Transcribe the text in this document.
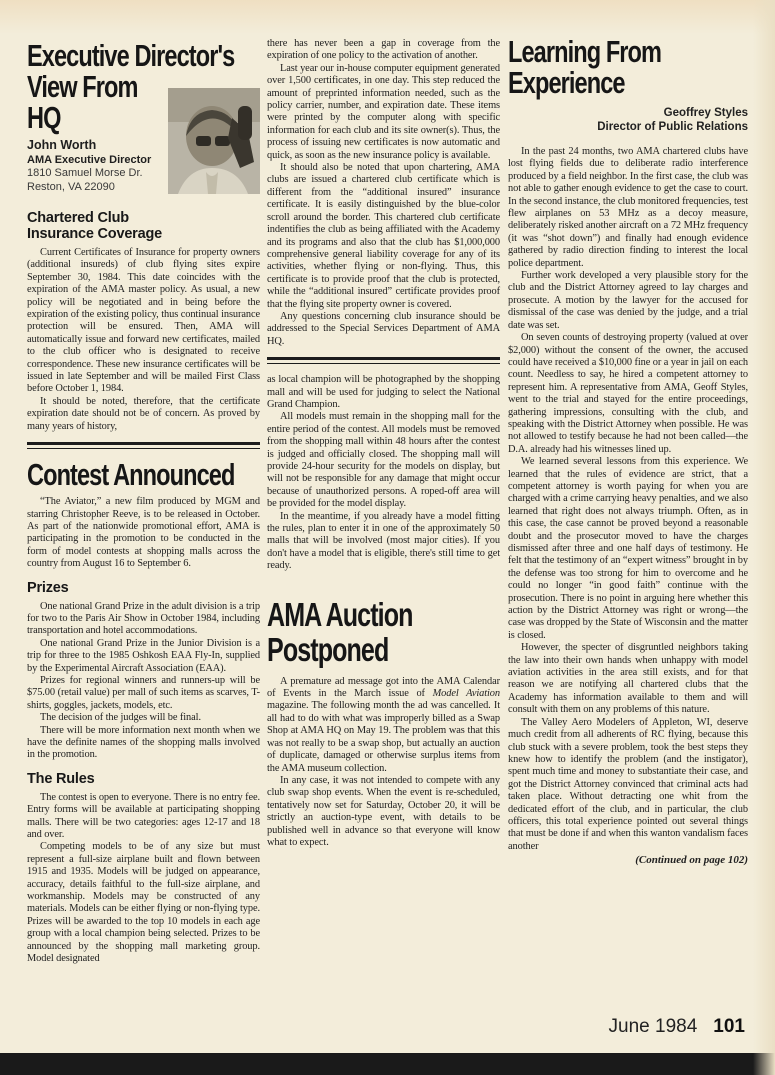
Executive Director's
View From
HQ
John Worth
AMA Executive Director
1810 Samuel Morse Dr.
Reston, VA 22090
Chartered Club
Insurance Coverage

Current Certificates of Insurance for property owners (additional insureds) of club flying sites expire September 30, 1984. This date coincides with the expiration of the AMA master policy. As usual, a new policy will be negotiated and in being before the expiration of the existing policy, thus continual insurance protection will be ensured. Then, AMA will automatically issue and forward new certificates, mailed to the club officer who is designated to receive correspondence. These new insurance certificates will be issued in late September and will be mailed First Class before October 1, 1984.

It should be noted, therefore, that the certificate expiration date should not be of concern. As proved by many years of history,

Contest Announced

“The Aviator,” a new film produced by MGM and starring Christopher Reeve, is to be released in October. As part of the nationwide promotional effort, AMA is participating in the promotion to be conducted in the form of model contests at shopping malls across the country from August 16 to September 6.

Prizes

One national Grand Prize in the adult division is a trip for two to the Paris Air Show in October 1984, including transportation and hotel accommodations.

One national Grand Prize in the Junior Division is a trip for three to the 1985 Oshkosh EAA Fly-In, supplied by the Experimental Aircraft Association (EAA).

Prizes for regional winners and runners-up will be $75.00 (retail value) per mall of such items as scarves, T-shirts, goggles, jackets, models, etc.

The decision of the judges will be final.

There will be more information next month when we have the definite names of the shopping malls involved in the promotion.

The Rules

The contest is open to everyone. There is no entry fee. Entry forms will be available at participating shopping malls. There will be two categories: ages 12-17 and 18 and over.

Competing models to be of any size but must represent a full-size airplane built and flown between 1915 and 1935. Models will be judged on appearance, accuracy, details faithful to the full-size airplane, and workmanship. Models may be constructed of any materials. Models can be either flying or non-flying type. Prizes will be awarded to the top 10 models in each age group with a local champion being selected. Prizes to be announced by the shopping mall marketing group. Model designated

there has never been a gap in coverage from the expiration of one policy to the activation of another.

Last year our in-house computer equipment generated over 1,500 certificates, in one day. This step reduced the amount of preprinted information needed, such as the policy carrier, number, and expiration date. These items were printed by the computer along with specific information for each club and its site owner(s). Thus, the process of issuing new certificates is now automatic and quick, as soon as the new insurance policy is available.

It should also be noted that upon chartering, AMA clubs are issued a chartered club certificate which is different from the “additional insured” insurance certificate. It is easily distinguished by the blue-color scroll around the border. This chartered club certificate indentifies the club as being affiliated with the Academy and its programs and also that the club has $1,000,000 comprehensive general liability coverage for any of its activities, whether flying or non-flying. Thus, this certificate is to provide proof that the club is protected, while the “additional insured” certificate provides proof that the flying site property owner is covered.

Any questions concerning club insurance should be addressed to the Special Services Department of AMA HQ.

as local champion will be photographed by the shopping mall and will be used for judging to select the National Grand Champion.

All models must remain in the shopping mall for the entire period of the contest. All models must be removed from the shopping mall within 48 hours after the contest is judged and officially closed. The shopping mall will provide 24-hour security for the models on display, but will not be responsible for any damage that might occur because of unauthorized persons. A roped-off area will be provided for the model display.

In the meantime, if you already have a model fitting the rules, plan to enter it in one of the approximately 50 malls that will be involved (most major cities). If you don't have a model that is eligible, there's still time to get ready.

AMA Auction
Postponed

A premature ad message got into the AMA Calendar of Events in the March issue of Model Aviation magazine. The following month the ad was cancelled. It all had to do with what was improperly billed as a Swap Shop at AMA HQ on May 19. The problem was that this was not really to be a swap shop, but actually an auction of duplicate, damaged or otherwise surplus items from the AMA museum collection.

In any case, it was not intended to compete with any club swap shop events. When the event is re-scheduled, tentatively now set for Saturday, October 20, it will be strictly an auction-type event, with details to be published well in advance so that everyone will know what to expect.

Learning From
Experience
Geoffrey Styles
Director of Public Relations

In the past 24 months, two AMA chartered clubs have lost flying fields due to deliberate radio interference produced by a field neighbor. In the first case, the club was not able to gather enough evidence to get the case to court. In the second instance, the club monitored frequencies, test flew airplanes on 53 MHz as a decoy measure, deliberately risked another aircraft on a 72 MHz frequency (it was “shot down”) and finally had enough evidence gathered by radio direction finding to interest the local police department.

Further work developed a very plausible story for the club and the District Attorney agreed to lay charges and prosecute. A motion by the lawyer for the accused for dismissal of the case was denied by the judge, and a trial date was set.

On seven counts of destroying property (valued at over $2,000) without the consent of the owner, the accused could have received a $10,000 fine or a year in jail on each count. Needless to say, he hired a competent attorney to represent him. A representative from AMA, Geoff Styles, went to the trial and stayed for the entire proceedings, gathering impressions, consulting with the club, and speaking with the District Attorney when possible. He was not allowed to testify because he had not been called—the D.A. already had his witnesses lined up.

We learned several lessons from this experience. We learned that the rules of evidence are strict, that a competent attorney is worth paying for when you are charged with a crime carrying heavy penalties, and we also learned that right does not always triumph. Often, as in this case, the case cannot be proved beyond a reasonable doubt and the prosecutor moved to have the charges dismissed after three and one half days of testimony. He felt that the testimony of an “expert witness” brought in by the defense was too strong for him to overcome and he could no longer “in good faith” continue with the prosecution. There is no point in arguing here whether this action by the District Attorney was right or wrong—the case was dropped by the State of Wisconsin and the matter is closed.

However, the specter of disgruntled neighbors taking the law into their own hands when unhappy with model aviation activities in the area still exists, and for that reason we are notifying all chartered clubs that the Academy has information available to them and will consult with them on any problems of this nature.

The Valley Aero Modelers of Appleton, WI, deserve much credit from all adherents of RC flying, because this club stuck with a severe problem, took the best steps they knew how to identify the problem (and the instigator), spent much time and money to substantiate their case, and got the District Attorney convinced that criminal acts had taken place. Without detracting one whit from the dedicated effort of the club, and in particular, the club officers, this total experience pointed out several things that must be done if and when this wanton vandalism faces another

(Continued on page 102)
June 1984 101
